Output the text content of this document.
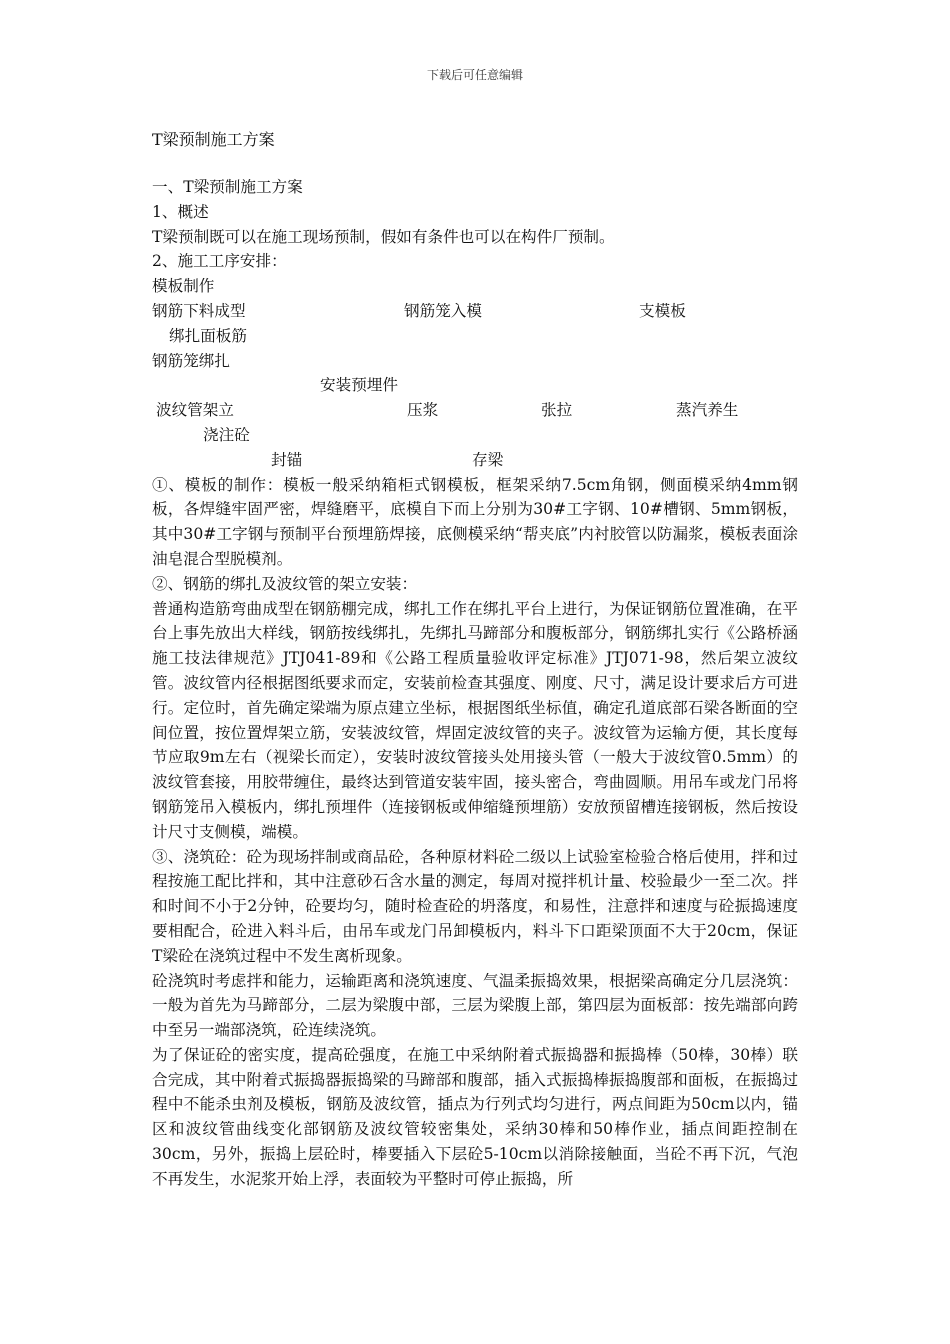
下载后可任意编辑
T梁预制施工方案
一、T梁预制施工方案
1、概述
T梁预制既可以在施工现场预制，假如有条件也可以在构件厂预制。
2、施工工序安排：
模板制作
钢筋下料成型	钢筋笼入模	支模板
绑扎面板筋
钢筋笼绑扎
安装预埋件
波纹管架立	压浆	张拉	蒸汽养生
浇注砼
封锚	存梁
①、模板的制作：模板一般采纳箱柜式钢模板，框架采纳7.5cm角钢，侧面模采纳4mm钢板，各焊缝牢固严密，焊缝磨平，底模自下而上分别为30#工字钢、10#槽钢、5mm钢板，其中30#工字钢与预制平台预埋筋焊接，底侧模采纳“帮夹底”内衬胶管以防漏浆，模板表面涂油皂混合型脱模剂。
②、钢筋的绑扎及波纹管的架立安装：
普通构造筋弯曲成型在钢筋棚完成，绑扎工作在绑扎平台上进行，为保证钢筋位置准确，在平台上事先放出大样线，钢筋按线绑扎，先绑扎马蹄部分和腹板部分，钢筋绑扎实行《公路桥涵施工技法律规范》JTJ041-89和《公路工程质量验收评定标准》JTJ071-98，然后架立波纹管。波纹管内径根据图纸要求而定，安装前检查其强度、刚度、尺寸，满足设计要求后方可进行。定位时，首先确定梁端为原点建立坐标，根据图纸坐标值，确定孔道底部石梁各断面的空间位置，按位置焊架立筋，安装波纹管，焊固定波纹管的夹子。波纹管为运输方便，其长度每节应取9m左右（视梁长而定），安装时波纹管接头处用接头管（一般大于波纹管0.5mm）的波纹管套接，用胶带缠住，最终达到管道安装牢固，接头密合，弯曲圆顺。用吊车或龙门吊将钢筋笼吊入模板内，绑扎预埋件（连接钢板或伸缩缝预埋筋）安放预留槽连接钢板，然后按设计尺寸支侧模，端模。
③、浇筑砼：砼为现场拌制或商品砼，各种原材料砼二级以上试验室检验合格后使用，拌和过程按施工配比拌和，其中注意砂石含水量的测定，每周对搅拌机计量、校验最少一至二次。拌和时间不小于2分钟，砼要均匀，随时检查砼的坍落度，和易性，注意拌和速度与砼振捣速度要相配合，砼进入料斗后，由吊车或龙门吊卸模板内，料斗下口距梁顶面不大于20cm，保证T梁砼在浇筑过程中不发生离析现象。
砼浇筑时考虑拌和能力，运输距离和浇筑速度、气温柔振捣效果，根据梁高确定分几层浇筑：一般为首先为马蹄部分，二层为梁腹中部，三层为梁腹上部，第四层为面板部：按先端部向跨中至另一端部浇筑，砼连续浇筑。
为了保证砼的密实度，提高砼强度，在施工中采纳附着式振捣器和振捣棒（50棒，30棒）联合完成，其中附着式振捣器振捣梁的马蹄部和腹部，插入式振捣棒振捣腹部和面板，在振捣过程中不能杀虫剂及模板，钢筋及波纹管，插点为行列式均匀进行，两点间距为50cm以内，锚区和波纹管曲线变化部钢筋及波纹管较密集处，采纳30棒和50棒作业，插点间距控制在30cm，另外，振捣上层砼时，棒要插入下层砼5-10cm以消除接触面，当砼不再下沉，气泡不再发生，水泥浆开始上浮，表面较为平整时可停止振捣，所
